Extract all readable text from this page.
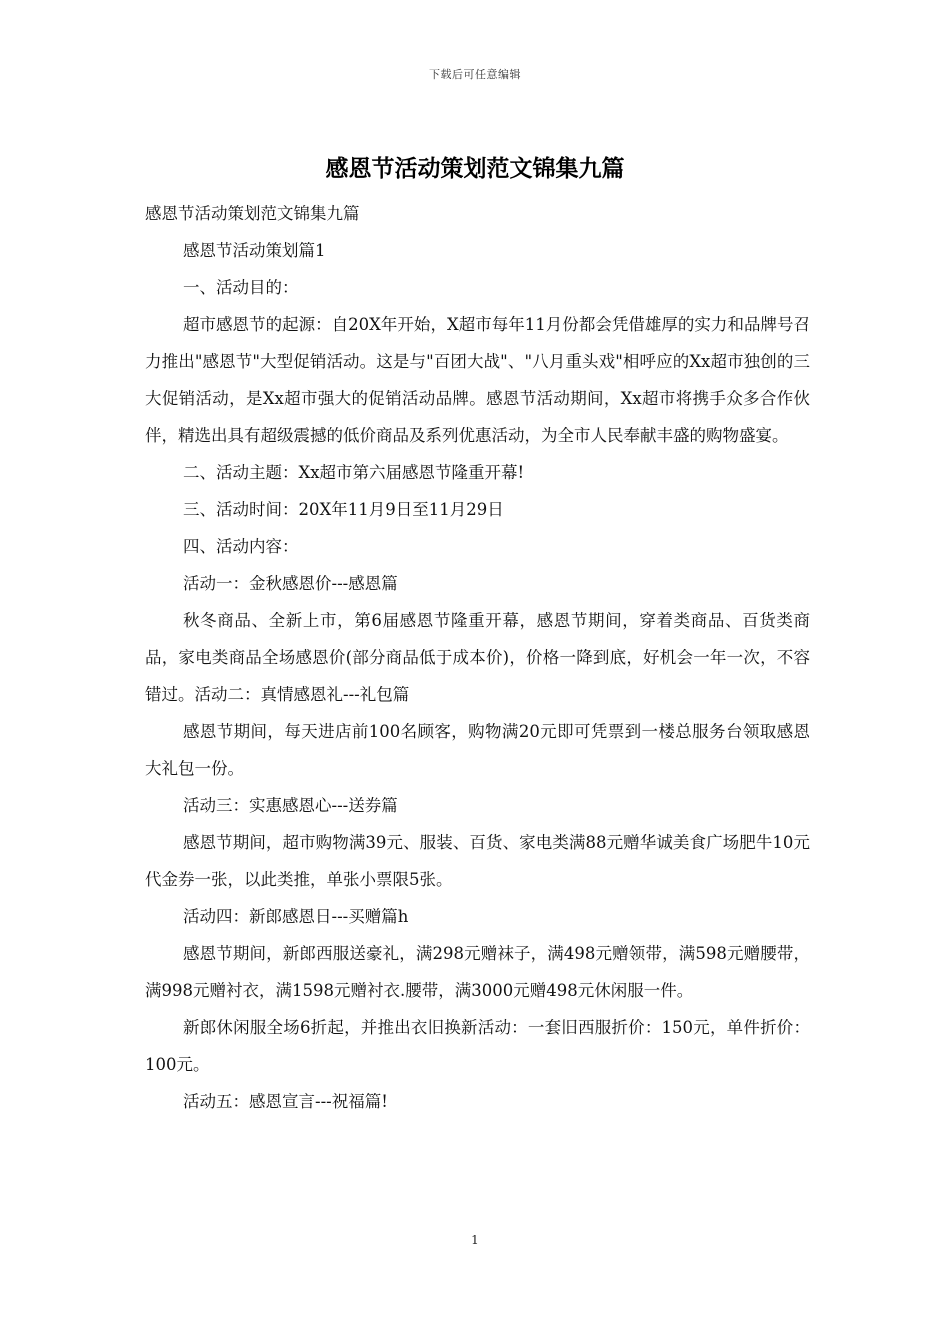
下载后可任意编辑
感恩节活动策划范文锦集九篇

感恩节活动策划范文锦集九篇

感恩节活动策划篇1

一、活动目的：

超市感恩节的起源：自20X年开始，X超市每年11月份都会凭借雄厚的实力和品牌号召力推出"感恩节"大型促销活动。这是与"百团大战"、"八月重头戏"相呼应的Xx超市独创的三大促销活动，是Xx超市强大的促销活动品牌。感恩节活动期间，Xx超市将携手众多合作伙伴，精选出具有超级震撼的低价商品及系列优惠活动，为全市人民奉献丰盛的购物盛宴。

二、活动主题：Xx超市第六届感恩节隆重开幕!

三、活动时间：20X年11月9日至11月29日

四、活动内容：

活动一：金秋感恩价---感恩篇

秋冬商品、全新上市，第6届感恩节隆重开幕，感恩节期间，穿着类商品、百货类商品，家电类商品全场感恩价(部分商品低于成本价)，价格一降到底，好机会一年一次，不容错过。活动二：真情感恩礼---礼包篇

感恩节期间，每天进店前100名顾客，购物满20元即可凭票到一楼总服务台领取感恩大礼包一份。

活动三：实惠感恩心---送券篇

感恩节期间，超市购物满39元、服装、百货、家电类满88元赠华诚美食广场肥牛10元代金券一张，以此类推，单张小票限5张。

活动四：新郎感恩日---买赠篇h

感恩节期间，新郎西服送豪礼，满298元赠袜子，满498元赠领带，满598元赠腰带，满998元赠衬衣，满1598元赠衬衣.腰带，满3000元赠498元休闲服一件。

新郎休闲服全场6折起，并推出衣旧换新活动：一套旧西服折价：150元，单件折价：100元。

活动五：感恩宣言---祝福篇!

1
